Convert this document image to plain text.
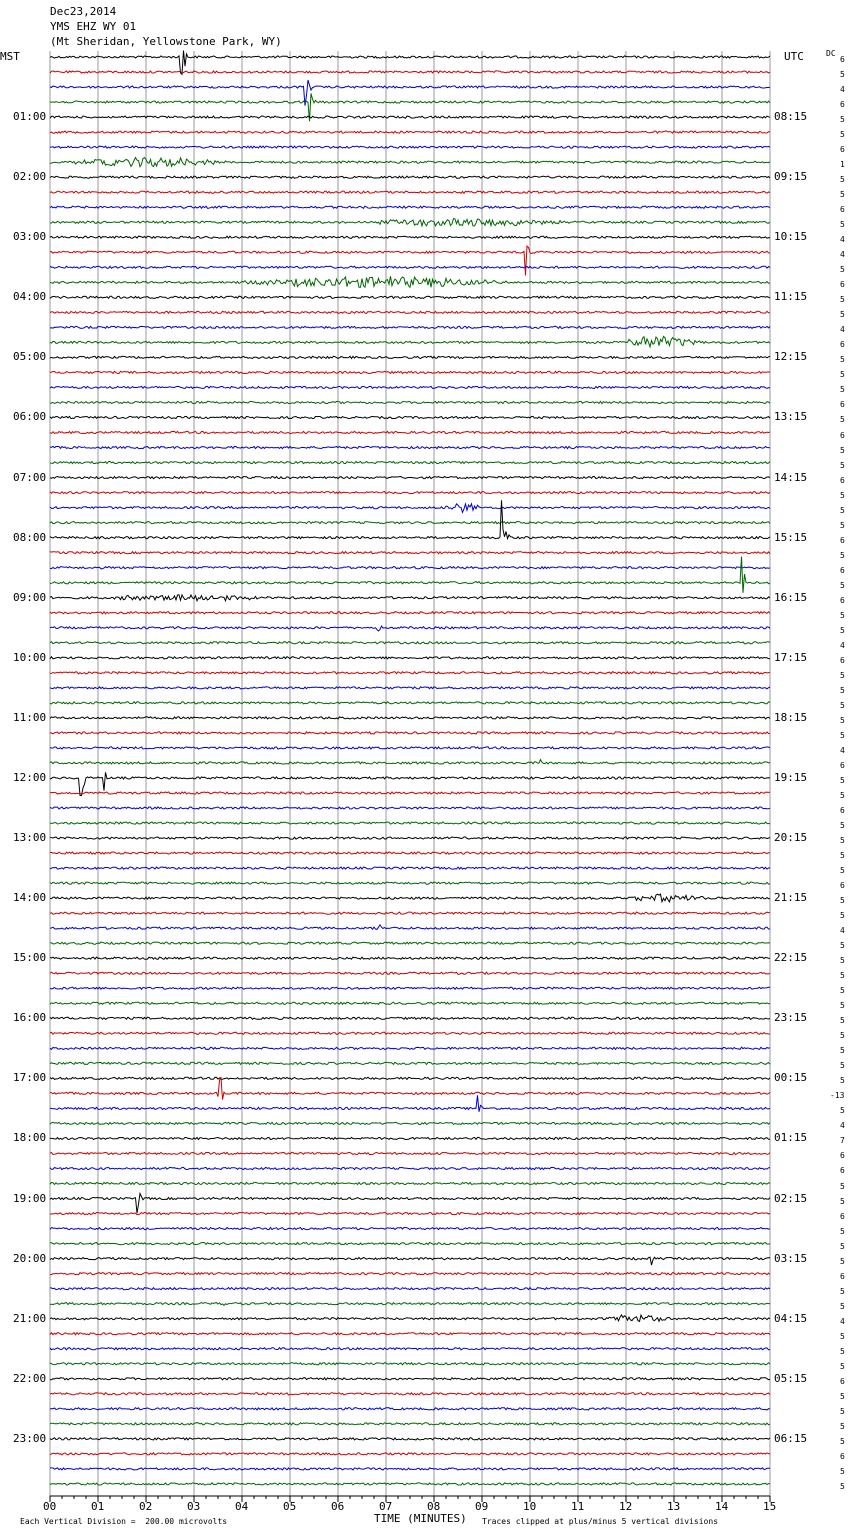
Dec23,2014
YMS EHZ WY 01
(Mt Sheridan, Yellowstone Park, WY)
MST	UTC	DC
6
5
4
6
5
5
6
1
5
5
6
5
4
4
5
6
5
5
4
6
5
5
5
6
5
6
5
5
6
5
5
5
6
5
6
5
6
5
5
4
6
5
5
5
5
5
4
6
5
5
6
5
5
5
5
6
5
5
4
5
5
5
5
5
5
5
5
5
5
-13
5
4
7
6
6
5
5
6
5
5
5
6
5
5
4
5
5
5
6
5
5
5
5
6
5
5
01:00
02:00
03:00
04:00
05:00
06:00
07:00
08:00
09:00
10:00
11:00
12:00
13:00
14:00
15:00
16:00
17:00
18:00
19:00
20:00
21:00
22:00
23:00
08:15
09:15
10:15
11:15
12:15
13:15
14:15
15:15
16:15
17:15
18:15
19:15
20:15
21:15
22:15
23:15
00:15
01:15
02:15
03:15
04:15
05:15
06:15
00	01	02	03	04	05	06	07	08	09	10	11	12	13	14	15
Each Vertical Division =  200.00 microvolts	TIME (MINUTES) Traces clipped at plus/minus 5 vertical divisions
